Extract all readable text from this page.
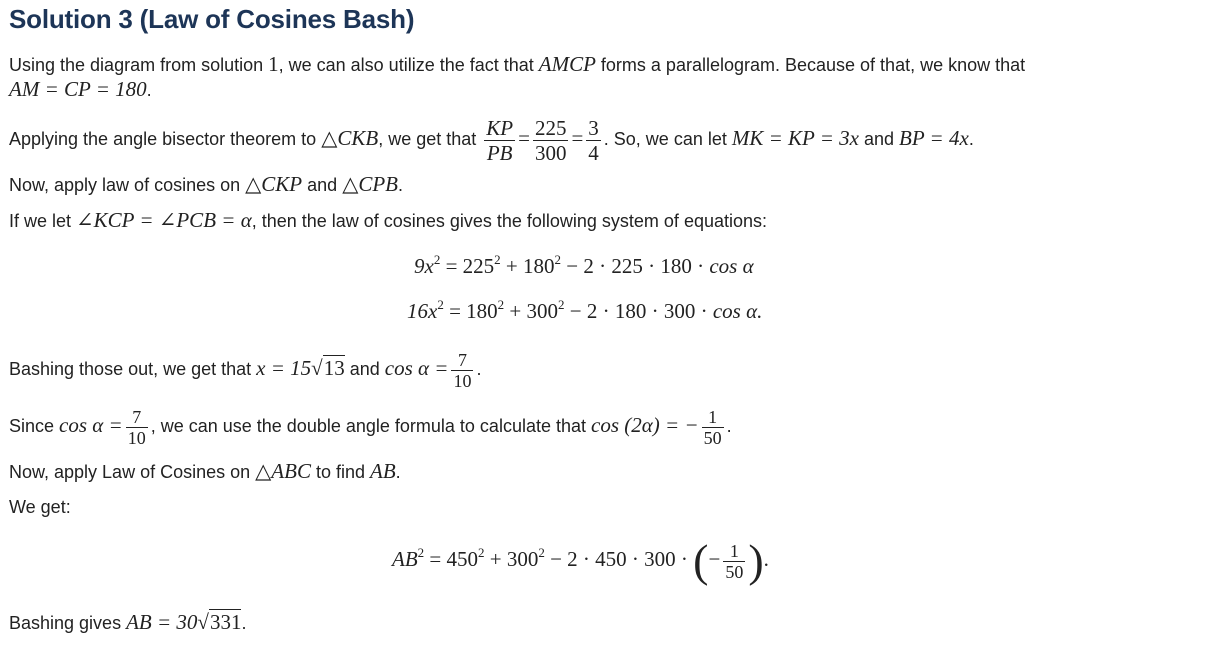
Solution 3 (Law of Cosines Bash)
Using the diagram from solution 1, we can also utilize the fact that AMCP forms a parallelogram. Because of that, we know that
AM = CP = 180.
Applying the angle bisector theorem to △CKB, we get that $\frac{KP}{PB} = \frac{225}{300} = \frac{3}{4}$ . So, we can let MK = KP = 3x and BP = 4x.
Now, apply law of cosines on △CKP and △CPB.
If we let ∠KCP = ∠PCB = α, then the law of cosines gives the following system of equations:
$9x^2 = 225^2 + 180^2 - 2 \cdot 225 \cdot 180 \cdot \cos \alpha$
$16x^2 = 180^2 + 300^2 - 2 \cdot 180 \cdot 300 \cdot \cos \alpha$.
Bashing those out, we get that x = 15√13 and $\cos \alpha = \frac{7}{10}$ .
Since $\cos \alpha = \frac{7}{10}$ , we can use the double angle formula to calculate that cos (2α) = − $\frac{1}{50}$ .
Now, apply Law of Cosines on △ABC to find AB.
We get:
$AB^2 = 450^2 + 300^2 - 2 \cdot 450 \cdot 300$ · (− $\frac{1}{50}$ ).
Bashing gives AB = 30√331.
